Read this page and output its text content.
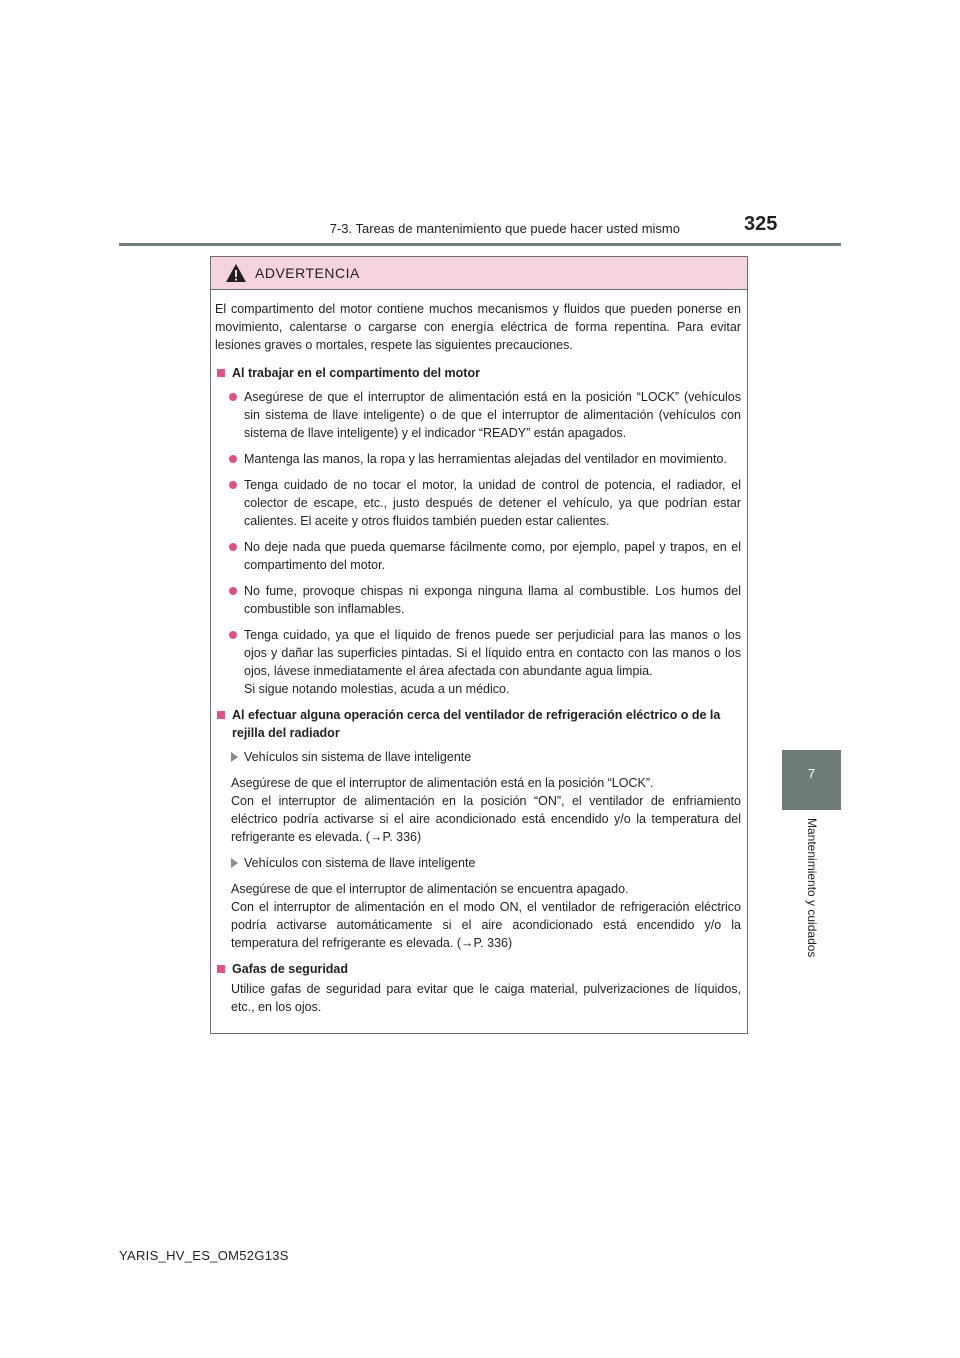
7-3. Tareas de mantenimiento que puede hacer usted mismo	325
7
Mantenimiento y cuidados
ADVERTENCIA

El compartimento del motor contiene muchos mecanismos y fluidos que pueden ponerse en movimiento, calentarse o cargarse con energía eléctrica de forma repentina. Para evitar lesiones graves o mortales, respete las siguientes precauciones.

Al trabajar en el compartimento del motor

Asegúrese de que el interruptor de alimentación está en la posición “LOCK” (vehículos sin sistema de llave inteligente) o de que el interruptor de alimentación (vehículos con sistema de llave inteligente) y el indicador “READY” están apagados.

Mantenga las manos, la ropa y las herramientas alejadas del ventilador en movimiento.

Tenga cuidado de no tocar el motor, la unidad de control de potencia, el radiador, el colector de escape, etc., justo después de detener el vehículo, ya que podrían estar calientes. El aceite y otros fluidos también pueden estar calientes.

No deje nada que pueda quemarse fácilmente como, por ejemplo, papel y trapos, en el compartimento del motor.

No fume, provoque chispas ni exponga ninguna llama al combustible. Los humos del combustible son inflamables.

Tenga cuidado, ya que el líquido de frenos puede ser perjudicial para las manos o los ojos y dañar las superficies pintadas. Si el líquido entra en contacto con las manos o los ojos, lávese inmediatamente el área afectada con abundante agua limpia.

Si sigue notando molestias, acuda a un médico.

Al efectuar alguna operación cerca del ventilador de refrigeración eléctrico o de la rejilla del radiador
Vehículos sin sistema de llave inteligente

Asegúrese de que el interruptor de alimentación está en la posición “LOCK”.

Con el interruptor de alimentación en la posición “ON”, el ventilador de enfriamiento eléctrico podría activarse si el aire acondicionado está encendido y/o la temperatura del refrigerante es elevada. (→P. 336)

Vehículos con sistema de llave inteligente

Asegúrese de que el interruptor de alimentación se encuentra apagado.

Con el interruptor de alimentación en el modo ON, el ventilador de refrigeración eléctrico podría activarse automáticamente si el aire acondicionado está encendido y/o la temperatura del refrigerante es elevada. (→P. 336)

Gafas de seguridad

Utilice gafas de seguridad para evitar que le caiga material, pulverizaciones de líquidos, etc., en los ojos.

YARIS_HV_ES_OM52G13S
